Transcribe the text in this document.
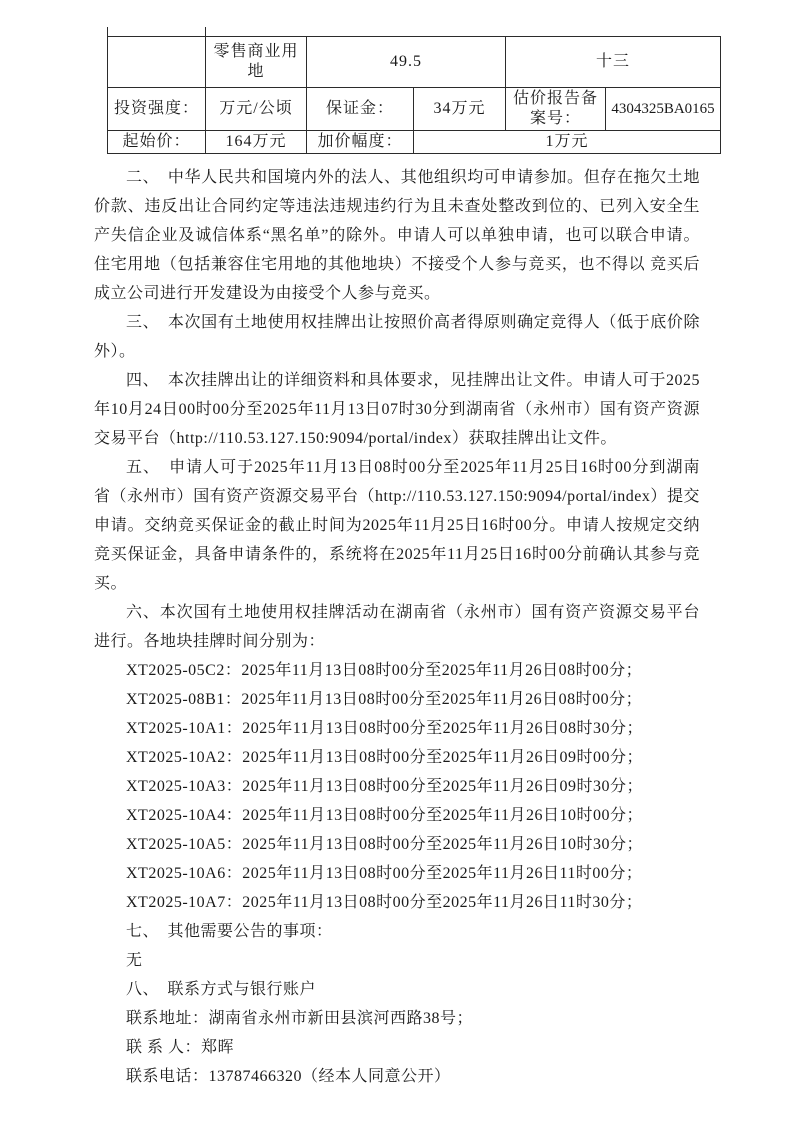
	零售商业用地	49.5		十三	
投资强度：	万元/公顷	保证金：	34万元	估价报告备案号：	4304325BA0165
起始价：	164万元	加价幅度：	1万元		

二、　中华人民共和国境内外的法人、其他组织均可申请参加。但存在拖欠土地价款、违反出让合同约定等违法违规违约行为且未查处整改到位的、已列入安全生产失信企业及诚信体系“黑名单”的除外。申请人可以单独申请，也可以联合申请。住宅用地（包括兼容住宅用地的其他地块）不接受个人参与竞买，也不得以 竞买后成立公司进行开发建设为由接受个人参与竞买。

三、　本次国有土地使用权挂牌出让按照价高者得原则确定竞得人（低于底价除外）。

四、　本次挂牌出让的详细资料和具体要求，见挂牌出让文件。申请人可于2025年10月24日00时00分至2025年11月13日07时30分到湖南省（永州市）国有资产资源交易平台（http://110.53.127.150:9094/portal/index）获取挂牌出让文件。

五、　申请人可于2025年11月13日08时00分至2025年11月25日16时00分到湖南省（永州市）国有资产资源交易平台（http://110.53.127.150:9094/portal/index）提交申请。交纳竞买保证金的截止时间为2025年11月25日16时00分。申请人按规定交纳竞买保证金，具备申请条件的，系统将在2025年11月25日16时00分前确认其参与竞买。

六、本次国有土地使用权挂牌活动在湖南省（永州市）国有资产资源交易平台进行。各地块挂牌时间分别为：

XT2025-05C2：2025年11月13日08时00分至2025年11月26日08时00分；

XT2025-08B1：2025年11月13日08时00分至2025年11月26日08时00分；

XT2025-10A1：2025年11月13日08时00分至2025年11月26日08时30分；

XT2025-10A2：2025年11月13日08时00分至2025年11月26日09时00分；

XT2025-10A3：2025年11月13日08时00分至2025年11月26日09时30分；

XT2025-10A4：2025年11月13日08时00分至2025年11月26日10时00分；

XT2025-10A5：2025年11月13日08时00分至2025年11月26日10时30分；

XT2025-10A6：2025年11月13日08时00分至2025年11月26日11时00分；

XT2025-10A7：2025年11月13日08时00分至2025年11月26日11时30分；

七、　其他需要公告的事项：

无

八、　联系方式与银行账户

联系地址：湖南省永州市新田县滨河西路38号；

联 系 人：郑晖

联系电话：13787466320（经本人同意公开）
